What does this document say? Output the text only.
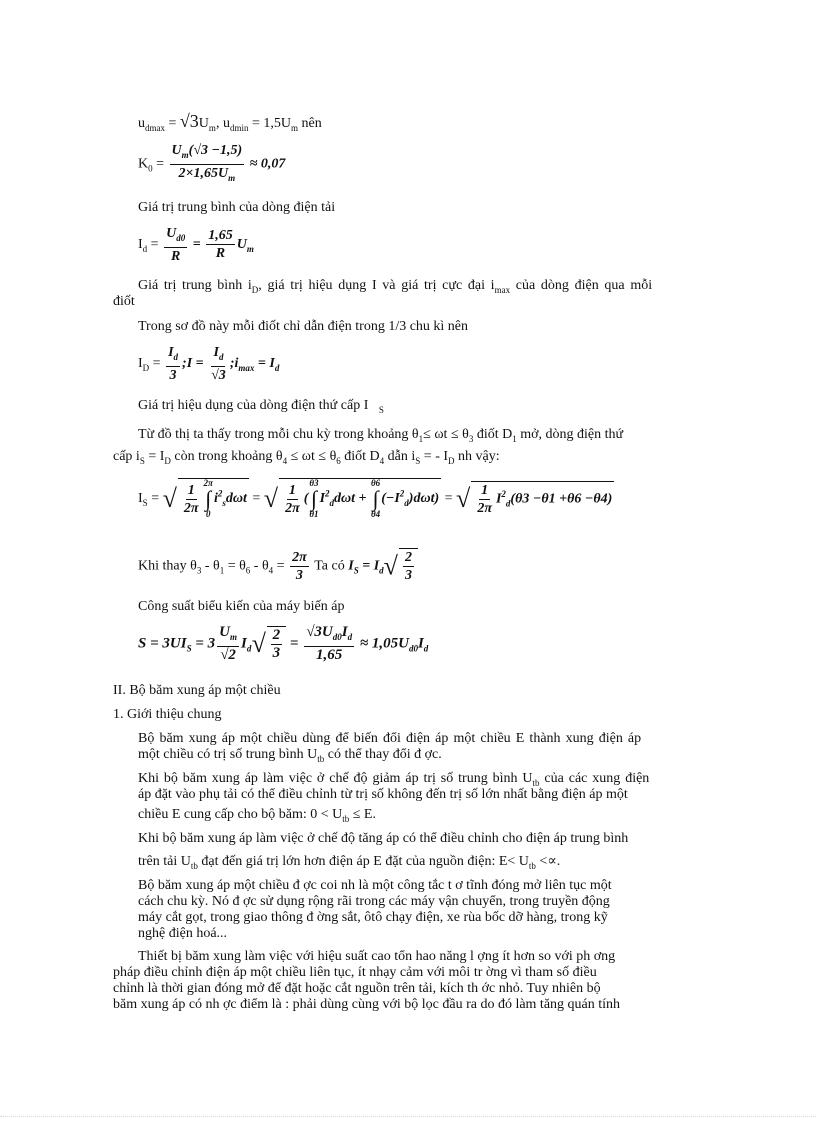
$u_{dmax} = √3U_m$, $u_{dmin} = 1,5U_m$ nên
$K_0 = \frac{U_m(√3 -1,5)}{2\times 1,65U_m} \approx 0,07$
Giá trị trung bình của dòng điện tải
$I_d = \frac{U_{d0}}{R} = \frac{1,65}{R} U_m$
Giá trị trung bình $i_D$, giá trị hiệu dụng I và giá trị cực đại $i_{max}$ của dòng điện qua mỗi
điốt
Trong sơ đồ này mỗi điốt chỉ dẫn điện trong 1/3 chu kì nên
$I_D = \frac{I_d}{3}$ ;I = $\frac{I_d}{√3}$ $;i_{max} = I_d$
Giá trị hiệu dụng của dòng điện thứ cấp I $_S$
Từ đồ thị ta thấy trong mỗi chu kỳ trong khoảng $\theta_1\le \omega t \le \theta_3$ điốt $D_1$ mở, dòng điện thứ
cấp $i_S = I_D$ còn trong khoảng $\theta_4 \le \omega t \le \theta_6$ điốt $D_4$ dẫn $i_S$ = - $I_D$ nh vậy:
$I_S$ = √ $\frac{1}{2\pi} 2\pi$
∫
0
$i^2_sd\omega t$ = √ $\frac{1}{2\pi}$ (
θ3
∫
θ1
$I^2_dd\omega t$ +
θ6
∫
θ4
$(-I^2_d)d\omega t$) = √ $\frac{1}{2\pi} I^2_d(\theta 3 -\theta 1 +\theta 6 -\theta 4)$
Khi thay $\theta_3 - \theta_1 = \theta_6 - \theta_4 = \frac{2\pi}{3}$ Ta có $I_S = I_d√ \frac{2}{3}$
Công suất biểu kiến của máy biến áp
$S = 3UI_S = 3 \frac{U_m}{√2} I_d√ \frac{2}{3} = \frac{√3U_{d0}I_d}{1,65} \approx 1,05U_{d0}I_d$
II. Bộ băm xung áp một chiều
1. Giới thiệu chung
Bộ băm xung áp một chiều dùng để biến đổi điện áp một chiều E thành xung điện áp
một chiều có trị số trung bình $U_{tb}$ có thể thay đổi đ ợc.
Khi bộ băm xung áp làm việc ở chế độ giảm áp trị số trung bình $U_{tb}$ của các xung điện
áp đặt vào phụ tải có thể điều chỉnh từ trị số không đến trị số lớn nhất bằng điện áp một
chiều E cung cấp cho bộ băm: $0 < U_{tb} \le E$.
Khi bộ băm xung áp làm việc ở chế độ tăng áp có thể điều chỉnh cho điện áp trung bình
trên tải $U_{tb}$ đạt đến giá trị lớn hơn điện áp E đặt của nguồn điện: $E< U_{tb}$ <∝.
Bộ băm xung áp một chiều đ ợc coi nh là một công tắc t ơ tĩnh đóng mở liên tục một
cách chu kỳ. Nó đ ợc sử dụng rộng rãi trong các máy vận chuyển, trong truyền động
máy cắt gọt, trong giao thông đ ờng sắt, ôtô chạy điện, xe rùa bốc dỡ hàng, trong kỹ
nghệ điện hoá...
Thiết bị băm xung làm việc với hiệu suất cao tổn hao năng l ợng ít hơn so với ph ơng
pháp điều chỉnh điện áp một chiều liên tục, ít nhạy cảm với môi tr ờng vì tham số điều
chỉnh là thời gian đóng mở để đặt hoặc cắt nguồn trên tải, kích th ớc nhỏ. Tuy nhiên bộ
băm xung áp có nh ợc điểm là : phải dùng cùng với bộ lọc đầu ra do đó làm tăng quán tính
